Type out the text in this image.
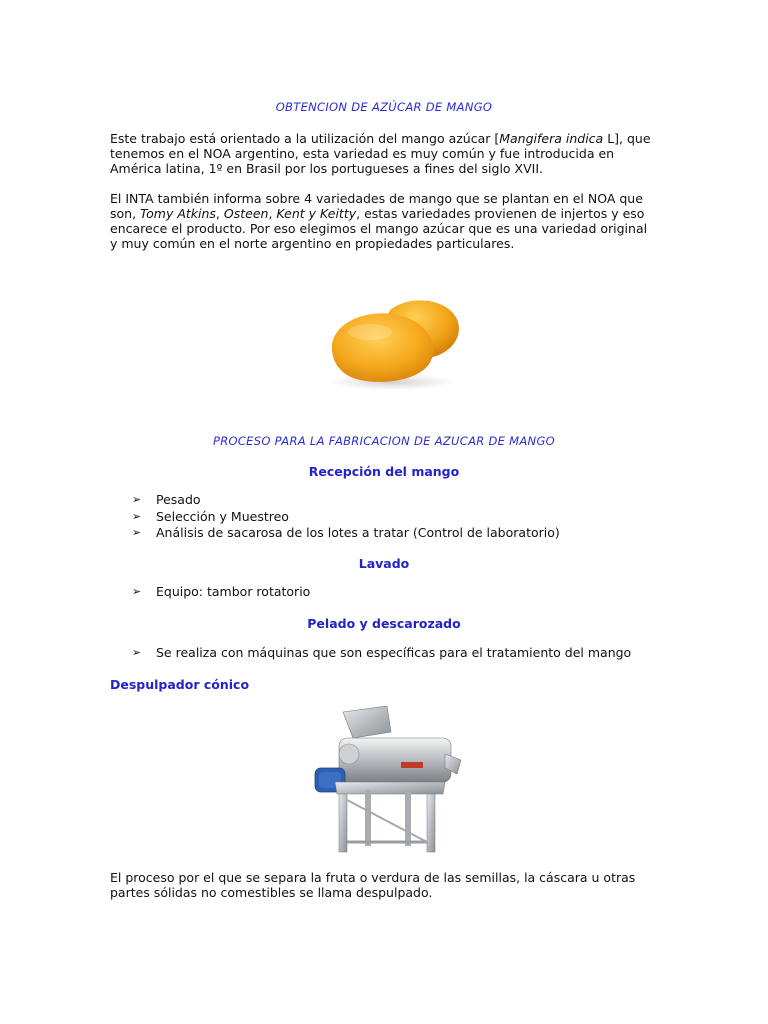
OBTENCION DE AZÚCAR DE MANGO
Este trabajo está orientado a la utilización del mango azúcar [Mangifera indica L], que tenemos en el NOA argentino, esta variedad es muy común y fue introducida en América latina, 1º en Brasil por los portugueses a fines del siglo XVII.
El INTA también informa sobre 4 variedades de mango que se plantan en el NOA que son, Tomy Atkins, Osteen, Kent y Keitty, estas variedades provienen de injertos y eso encarece el producto. Por eso elegimos el mango azúcar que es una variedad original y muy común en el norte argentino en propiedades particulares.
PROCESO PARA LA FABRICACION DE AZUCAR DE MANGO
Recepción del mango
➢ Pesado
➢ Selección y Muestreo
➢ Análisis de sacarosa de los lotes a tratar (Control de laboratorio)
Lavado
➢ Equipo: tambor rotatorio
Pelado y descarozado
➢ Se realiza con máquinas que son específicas para el tratamiento del mango
Despulpador cónico
El proceso por el que se separa la fruta o verdura de las semillas, la cáscara u otras partes sólidas no comestibles se llama despulpado.
